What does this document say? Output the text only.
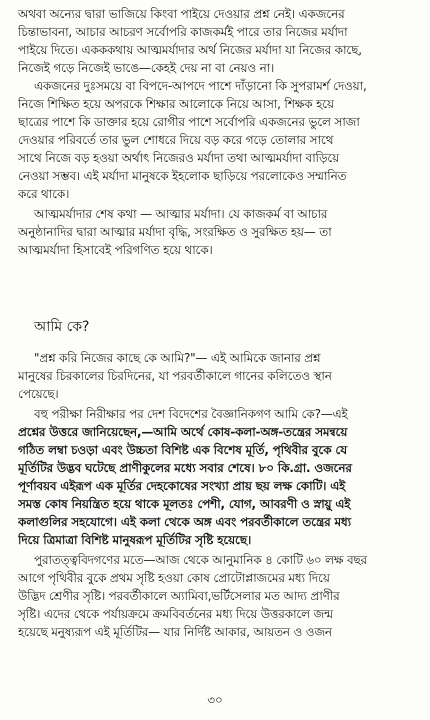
অথবা অন্যের দ্বারা ভাজিয়ে কিংবা পাইয়ে দেওয়ার প্রশ্ন নেই। একজনের
চিন্তাভাবনা, আচার আচরণ সর্বোপরি কাজকর্মই পারে তার নিজের মর্যাদা
পাইয়ে দিতে। একককথায় আত্মমর্যাদার অর্থ নিজের মর্যাদা যা নিজের কাছে,
নিজেই গড়ে নিজেই ভাঙে—কেহই দেয় না বা নেয়ও না।
একজনের দুঃসময়ে বা বিপদে-আপদে পাশে দাঁড়ানো কি সুপরামর্শ দেওয়া,
নিজে শিক্ষিত হয়ে অপরকে শিক্ষার আলোকে নিয়ে আসা, শিক্ষক হয়ে
ছাত্রের পাশে কি ডাক্তার হয়ে রোগীর পাশে সর্বোপরি একজনের ভুলে সাজা
দেওয়ার পরিবর্তে তার ভুল শোধরে দিয়ে বড় করে গড়ে তোলার সাথে
সাথে নিজে বড় হওয়া অর্থাৎ নিজেরও মর্যাদা তথা আত্মমর্যাদা বাড়িয়ে
নেওয়া সম্ভব। এই মর্যাদা মানুষকে ইহলোক ছাড়িয়ে পরলোকেও সম্মানিত
করে থাকে।
আত্মমর্যাদার শেষ কথা — আত্মার মর্যাদা। যে কাজকর্ম বা আচার
অনুষ্ঠানাদির দ্বারা আত্মার মর্যাদা বৃদ্ধি, সংরক্ষিত ও সুরক্ষিত হয়— তা
আত্মমর্যাদা হিসাবেই পরিগণিত হয়ে থাকে।
আমি কে?
"প্রশ্ন করি নিজের কাছে কে আমি?"— এই আমিকে জানার প্রশ্ন
মানুষের চিরকালের চিরদিনের, যা পরবর্তীকালে গানের কলিতেও স্থান
পেয়েছে।
বহু পরীক্ষা নিরীক্ষার পর দেশ বিদেশের বৈজ্ঞানিকগণ আমি কে?—এই
প্রশ্নের উত্তরে জানিয়েছেন,—আমি অর্থে কোষ-কলা-অঙ্গ-তন্ত্রের সমন্বয়ে
গঠিত লম্বা চওড়া এবং উচ্চতা বিশিষ্ট এক বিশেষ মূর্তি, পৃথিবীর বুকে যে
মূর্তিটির উদ্ভব ঘটেছে প্রাণীকুলের মধ্যে সবার শেষে। ৮০ কি.গ্রা. ওজনের
পূর্ণাবয়ব এইরূপ এক মূর্তির দেহকোষের সংখ্যা প্রায় ছয় লক্ষ কোটি। এই
সমস্ত কোষ নিয়ন্ত্রিত হয়ে থাকে মূলতঃ পেশী, যোগ, আবরণী ও স্নায়ু এই
কলাগুলির সহযোগে। এই কলা থেকে অঙ্গ এবং পরবর্তীকালে তন্ত্রের মধ্য
দিয়ে ত্রিমাত্রা বিশিষ্ট মানুষরূপ মূর্তিটির সৃষ্টি হয়েছে।
পুরাতত্ত্ববিদগণের মতে—আজ থেকে আনুমানিক ৪ কোটি ৬০ লক্ষ বছর
আগে পৃথিবীর বুকে প্রথম সৃষ্টি হওয়া কোষ প্রোটোপ্লাজমের মধ্য দিয়ে
উদ্ভিদ শ্রেণীর সৃষ্টি। পরবর্তীকালে অ্যামিবা,ভর্টিসেলার মত আদ্য প্রাণীর
সৃষ্টি। এদের থেকে পর্যায়ক্রমে ক্রমবিবর্তনের মধ্য দিয়ে উত্তরকালে জন্ম
হয়েছে মনুষ্যরূপ এই মূর্তিটির— যার নির্দিষ্ট আকার, আয়তন ও ওজন
৩০
